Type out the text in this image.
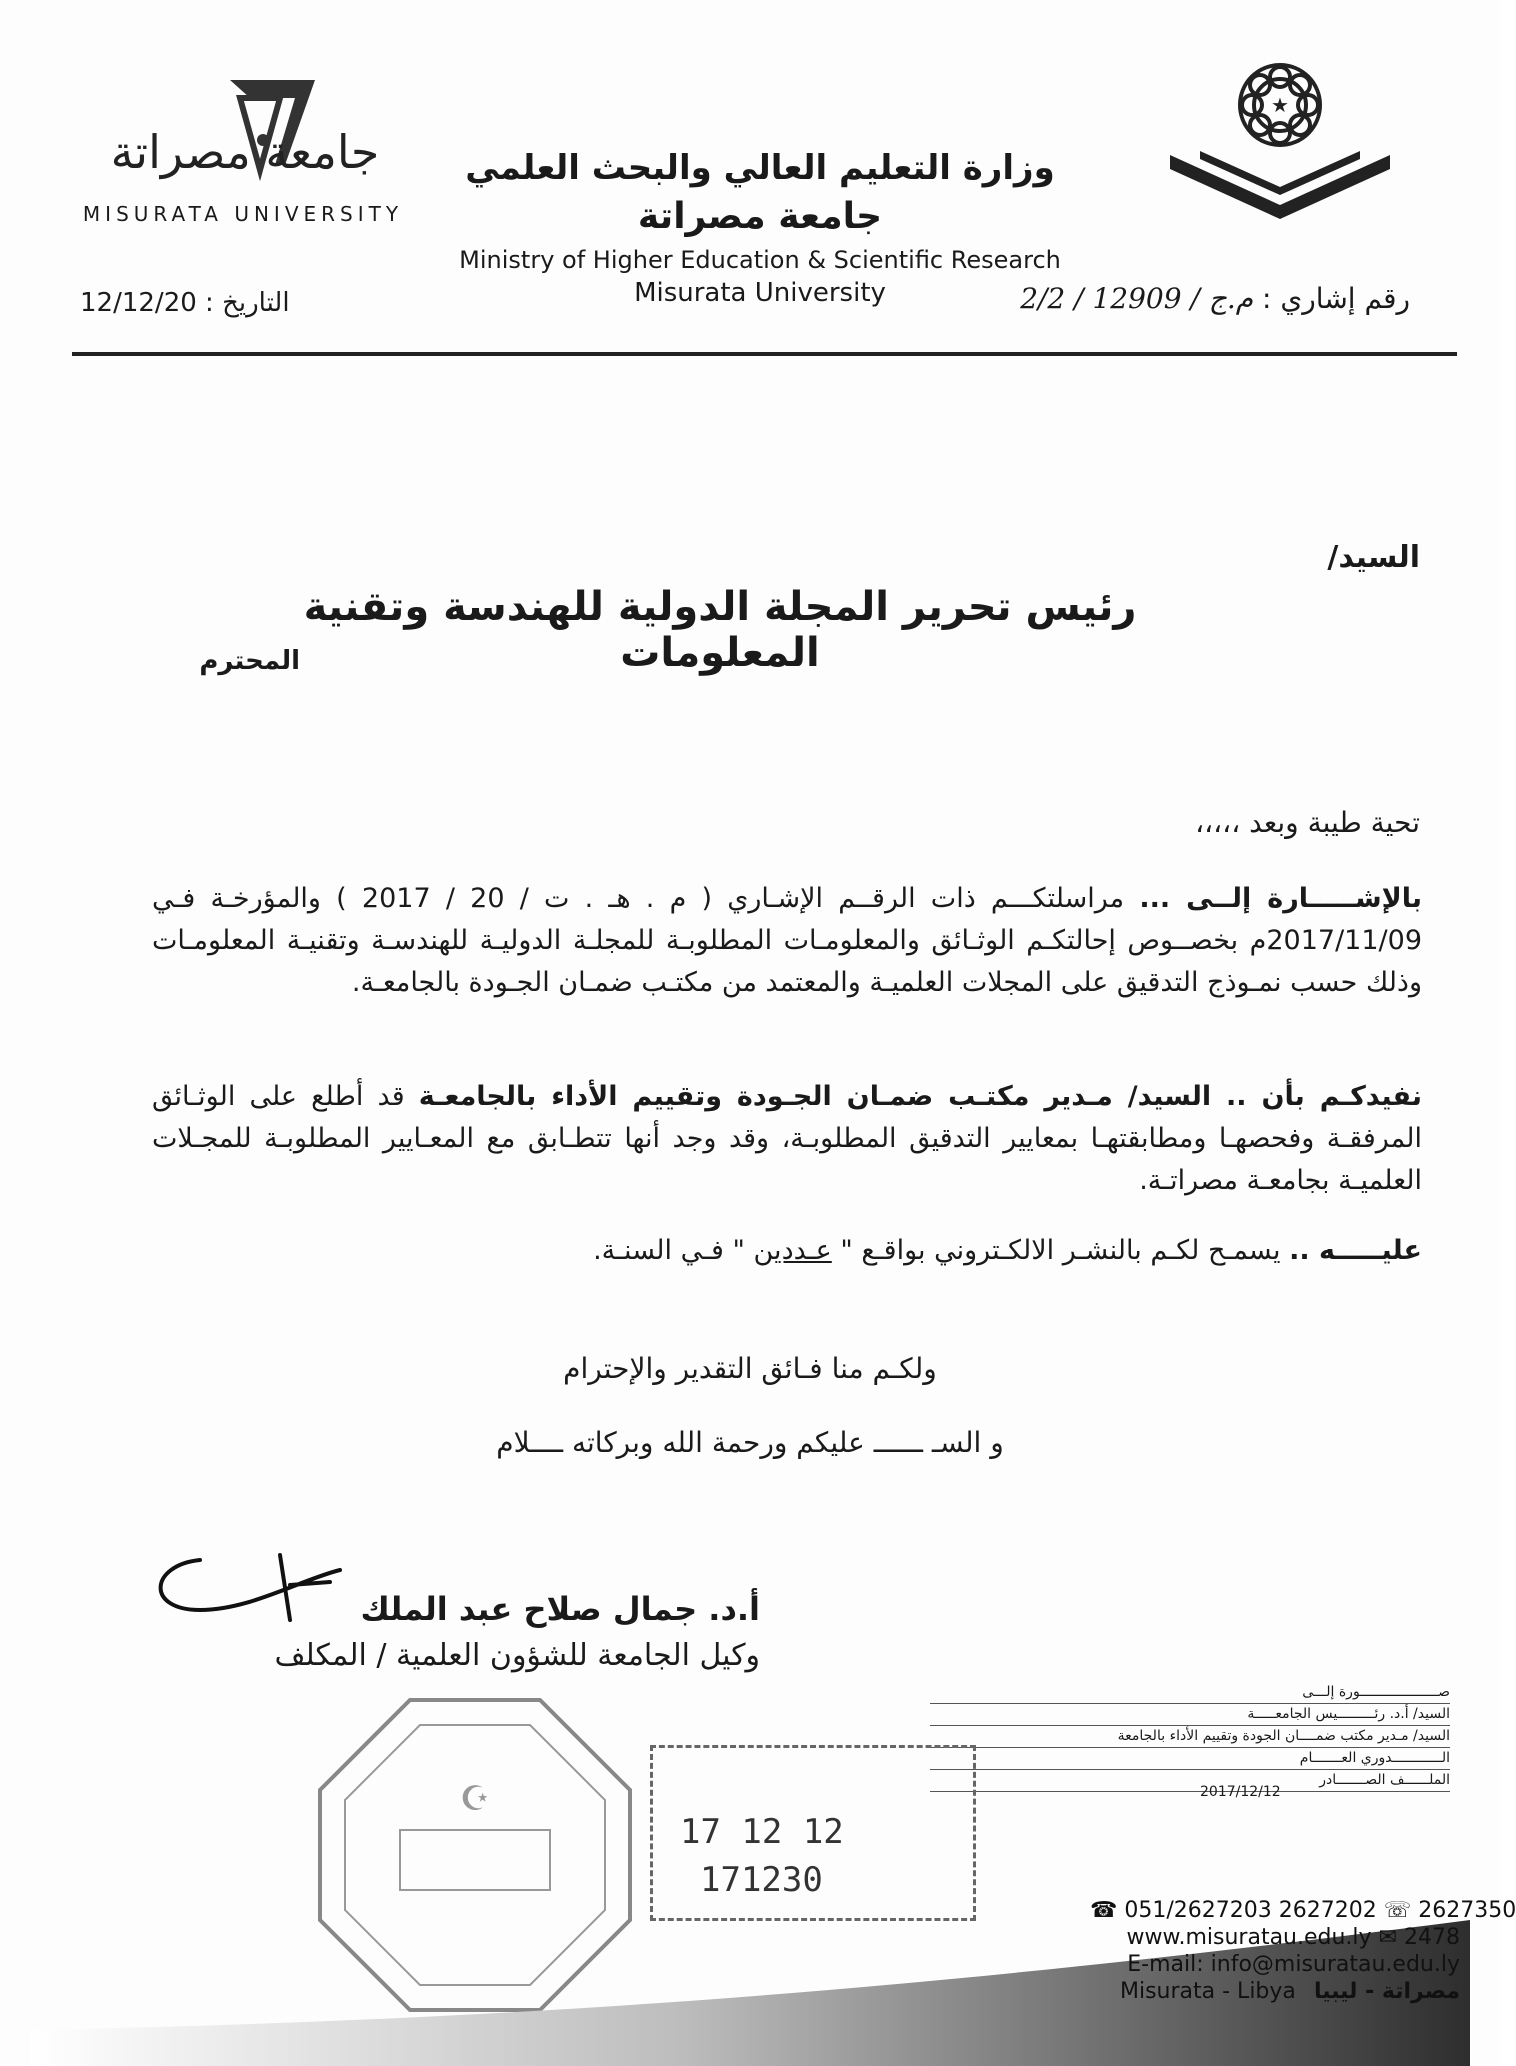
جامعة مصراتة
MISURATA UNIVERSITY
التاريخ : 12/12/20
وزارة التعليم العالي والبحث العلمي
جامعة مصراتة
Ministry of Higher Education & Scientific Research
Misurata University
★
رقم إشاري : م.ج / 12909 / 2/2
السيد/
رئيس تحرير المجلة الدولية للهندسة وتقنية المعلومات
المحترم
تحية طيبة وبعد ،،،،،
بالإشـــــارة إلــى ... مراسلتكـــم ذات الرقــم الإشـاري ( م . هـ . ت / 20 / 2017 ) والمؤرخـة فـي 2017/11/09م بخصــوص إحالتكـم الوثـائق والمعلومـات المطلوبـة للمجلـة الدوليـة للهندسـة وتقنيـة المعلومـات وذلك حسب نمـوذج التدقيق على المجلات العلميـة والمعتمد من مكتـب ضمـان الجـودة بالجامعـة.
نفيدكـم بأن .. السيد/ مـدير مكتـب ضمـان الجـودة وتقييم الأداء بالجامعـة قد أطلع على الوثـائق المرفقـة وفحصهـا ومطابقتهـا بمعايير التدقيق المطلوبـة، وقد وجد أنها تتطـابق مع المعـايير المطلوبـة للمجـلات العلميـة بجامعـة مصراتـة.
عليـــــه .. يسمـح لكـم بالنشـر الالكـتروني بواقـع " عـددين " فـي السنـة.
ولكـم منا فـائق التقدير والإحترام
و السـ ــــــ عليكم ورحمة الله وبركاته ــــلام
أ.د. جمال صلاح عبد الملك
وكيل الجامعة للشؤون العلمية / المكلف
صـــــــــــــــــــورة إلـــى
السيد/ أ.د. رئـــــــــيس الجامعـــــة
السيد/ مـدير مكتب ضمــــان الجودة وتقييم الأداء بالجامعة
الــــــــــــدوري العـــــــام
الملــــــف الصـــــــادر
2017/12/12
☪
17 12 12
171230
☎ 051/2627203 2627202 ☏ 2627350
www.misuratau.edu.ly ✉ 2478
E-mail: info@misuratau.edu.ly
Misurata - Libya مصراتة - ليبيا
